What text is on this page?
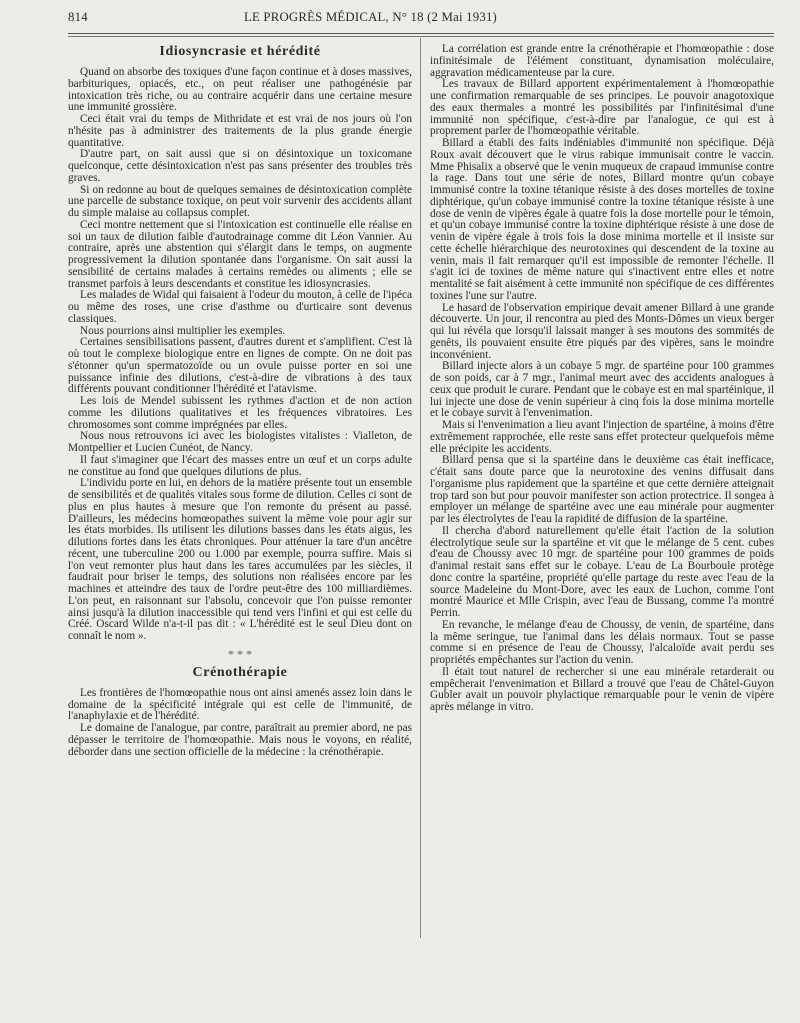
814	LE PROGRÈS MÉDICAL, N° 18 (2 Mai 1931)
Idiosyncrasie et hérédité

Quand on absorbe des toxiques d'une façon continue et à doses massives, barbituriques, opiacés, etc., on peut réaliser une pathogénésie par intoxication très riche, ou au contraire acquérir dans une certaine mesure une immunité grossière.

Ceci était vrai du temps de Mithridate et est vrai de nos jours où l'on n'hésite pas à administrer des traitements de la plus grande énergie quantitative.

D'autre part, on sait aussi que si on désintoxique un toxicomane quelconque, cette désintoxication n'est pas sans présenter des troubles très graves.

Si on redonne au bout de quelques semaines de désintoxication complète une parcelle de substance toxique, on peut voir survenir des accidents allant du simple malaise au collapsus complet.

Ceci montre nettement que si l'intoxication est continuelle elle réalise en soi un taux de dilution faible d'autodrainage comme dit Léon Vannier. Au contraire, après une abstention qui s'élargit dans le temps, on augmente progressivement la dilution spontanée dans l'organisme. On sait aussi la sensibilité de certains malades à certains remèdes ou aliments ; elle se transmet parfois à leurs descendants et constitue les idiosyncrasies.

Les malades de Widal qui faisaient à l'odeur du mouton, à celle de l'ipéca ou même des roses, une crise d'asthme ou d'urticaire sont devenus classiques.

Nous pourrions ainsi multiplier les exemples.

Certaines sensibilisations passent, d'autres durent et s'amplifient. C'est là où tout le complexe biologique entre en lignes de compte. On ne doit pas s'étonner qu'un spermatozoïde ou un ovule puisse porter en soi une puissance infinie des dilutions, c'est-à-dire de vibrations à des taux différents pouvant conditionner l'hérédité et l'atavisme.

Les lois de Mendel subissent les rythmes d'action et de non action comme les dilutions qualitatives et les fréquences vibratoires. Les chromosomes sont comme imprégnées par elles.

Nous nous retrouvons ici avec les biologistes vitalistes : Vialleton, de Montpellier et Lucien Cunéot, de Nancy.

Il faut s'imaginer que l'écart des masses entre un œuf et un corps adulte ne constitue au fond que quelques dilutions de plus.

L'individu porte en lui, en dehors de la matière présente tout un ensemble de sensibilités et de qualités vitales sous forme de dilution. Celles ci sont de plus en plus hautes à mesure que l'on remonte du présent au passé. D'ailleurs, les médecins homœopathes suivent la même voie pour agir sur les états morbides. Ils utilisent les dilutions basses dans les états aigus, les dilutions fortes dans les états chroniques. Pour atténuer la tare d'un ancêtre récent, une tuberculine 200 ou 1.000 par exemple, pourra suffire. Mais si l'on veut remonter plus haut dans les tares accumulées par les siècles, il faudrait pour briser le temps, des solutions non réalisées encore par les machines et atteindre des taux de l'ordre peut-être des 100 milliardièmes. L'on peut, en raisonnant sur l'absolu, concevoir que l'on puisse remonter ainsi jusqu'à la dilution inaccessible qui tend vers l'infini et qui est celle du Créé. Oscard Wilde n'a-t-il pas dit : « L'hérédité est le seul Dieu dont on connaît le nom ».

* * *
Crénothérapie

Les frontières de l'homœopathie nous ont ainsi amenés assez loin dans le domaine de la spécificité intégrale qui est celle de l'immunité, de l'anaphylaxie et de l'hérédité.

Le domaine de l'analogue, par contre, paraîtrait au premier abord, ne pas dépasser le territoire de l'homœopathie. Mais nous le voyons, en réalité, déborder dans une section officielle de la médecine : la crénothérapie.

La corrélation est grande entre la crénothérapie et l'homœopathie : dose infinitésimale de l'élément constituant, dynamisation moléculaire, aggravation médicamenteuse par la cure.

Les travaux de Billard apportent expérimentalement à l'homœopathie une confirmation remarquable de ses principes. Le pouvoir anagotoxique des eaux thermales a montré les possibilités par l'infinitésimal d'une immunité non spécifique, c'est-à-dire par l'analogue, ce qui est à proprement parler de l'homœopathie véritable.

Billard a établi des faits indéniables d'immunité non spécifique. Déjà Roux avait découvert que le virus rabique immunisait contre le vaccin. Mme Phisalix a observé que le venin muqueux de crapaud immunise contre la rage. Dans tout une série de notes, Billard montre qu'un cobaye immunisé contre la toxine tétanique résiste à des doses mortelles de toxine diphtérique, qu'un cobaye immunisé contre la toxine tétanique résiste à une dose de venin de vipères égale à quatre fois la dose mortelle pour le témoin, et qu'un cobaye immunisé contre la toxine diphtérique résiste à une dose de venin de vipère égale à trois fois la dose minima mortelle et il insiste sur cette échelle hiérarchique des neurotoxines qui descendent de la toxine au venin, mais il fait remarquer qu'il est impossible de remonter l'échelle. Il s'agit ici de toxines de même nature qui s'inactivent entre elles et notre mentalité se fait aisément à cette immunité non spécifique de ces différentes toxines l'une sur l'autre.

Le hasard de l'observation empirique devait amener Billard à une grande découverte. Un jour, il rencontra au pied des Monts-Dômes un vieux berger qui lui révéla que lorsqu'il laissait manger à ses moutons des sommités de genêts, ils pouvaient ensuite être piqués par des vipères, sans le moindre inconvénient.

Billard injecte alors à un cobaye 5 mgr. de spartéine pour 100 grammes de son poids, car à 7 mgr., l'animal meurt avec des accidents analogues à ceux que produit le curare. Pendant que le cobaye est en mal spartéinique, il lui injecte une dose de venin supérieur à cinq fois la dose minima mortelle et le cobaye survit à l'envenimation.

Mais si l'envenimation a lieu avant l'injection de spartéine, à moins d'être extrêmement rapprochée, elle reste sans effet protecteur quelquefois même elle précipite les accidents.

Billard pensa que si la spartéine dans le deuxième cas était inefficace, c'était sans doute parce que la neurotoxine des venins diffusait dans l'organisme plus rapidement que la spartéine et que cette dernière atteignait trop tard son but pour pouvoir manifester son action protectrice. Il songea à employer un mélange de spartéine avec une eau minérale pour augmenter par les électrolytes de l'eau la rapidité de diffusion de la spartéine.

Il chercha d'abord naturellement qu'elle était l'action de la solution électrolytique seule sur la spartéine et vit que le mélange de 5 cent. cubes d'eau de Choussy avec 10 mgr. de spartéine pour 100 grammes de poids d'animal restait sans effet sur le cobaye. L'eau de La Bourboule protège donc contre la spartéine, propriété qu'elle partage du reste avec l'eau de la source Madeleine du Mont-Dore, avec les eaux de Luchon, comme l'ont montré Maurice et Mlle Crispin, avec l'eau de Bussang, comme l'a montré Perrin.

En revanche, le mélange d'eau de Choussy, de venin, de spartéine, dans la même seringue, tue l'animal dans les délais normaux. Tout se passe comme si en présence de l'eau de Choussy, l'alcaloïde avait perdu ses propriétés empêchantes sur l'action du venin.

Il était tout naturel de rechercher si une eau minérale retarderait ou empêcherait l'envenimation et Billard a trouvé que l'eau de Châtel-Guyon Gubler avait un pouvoir phylactique remarquable pour le venin de vipère après mélange in vitro.
